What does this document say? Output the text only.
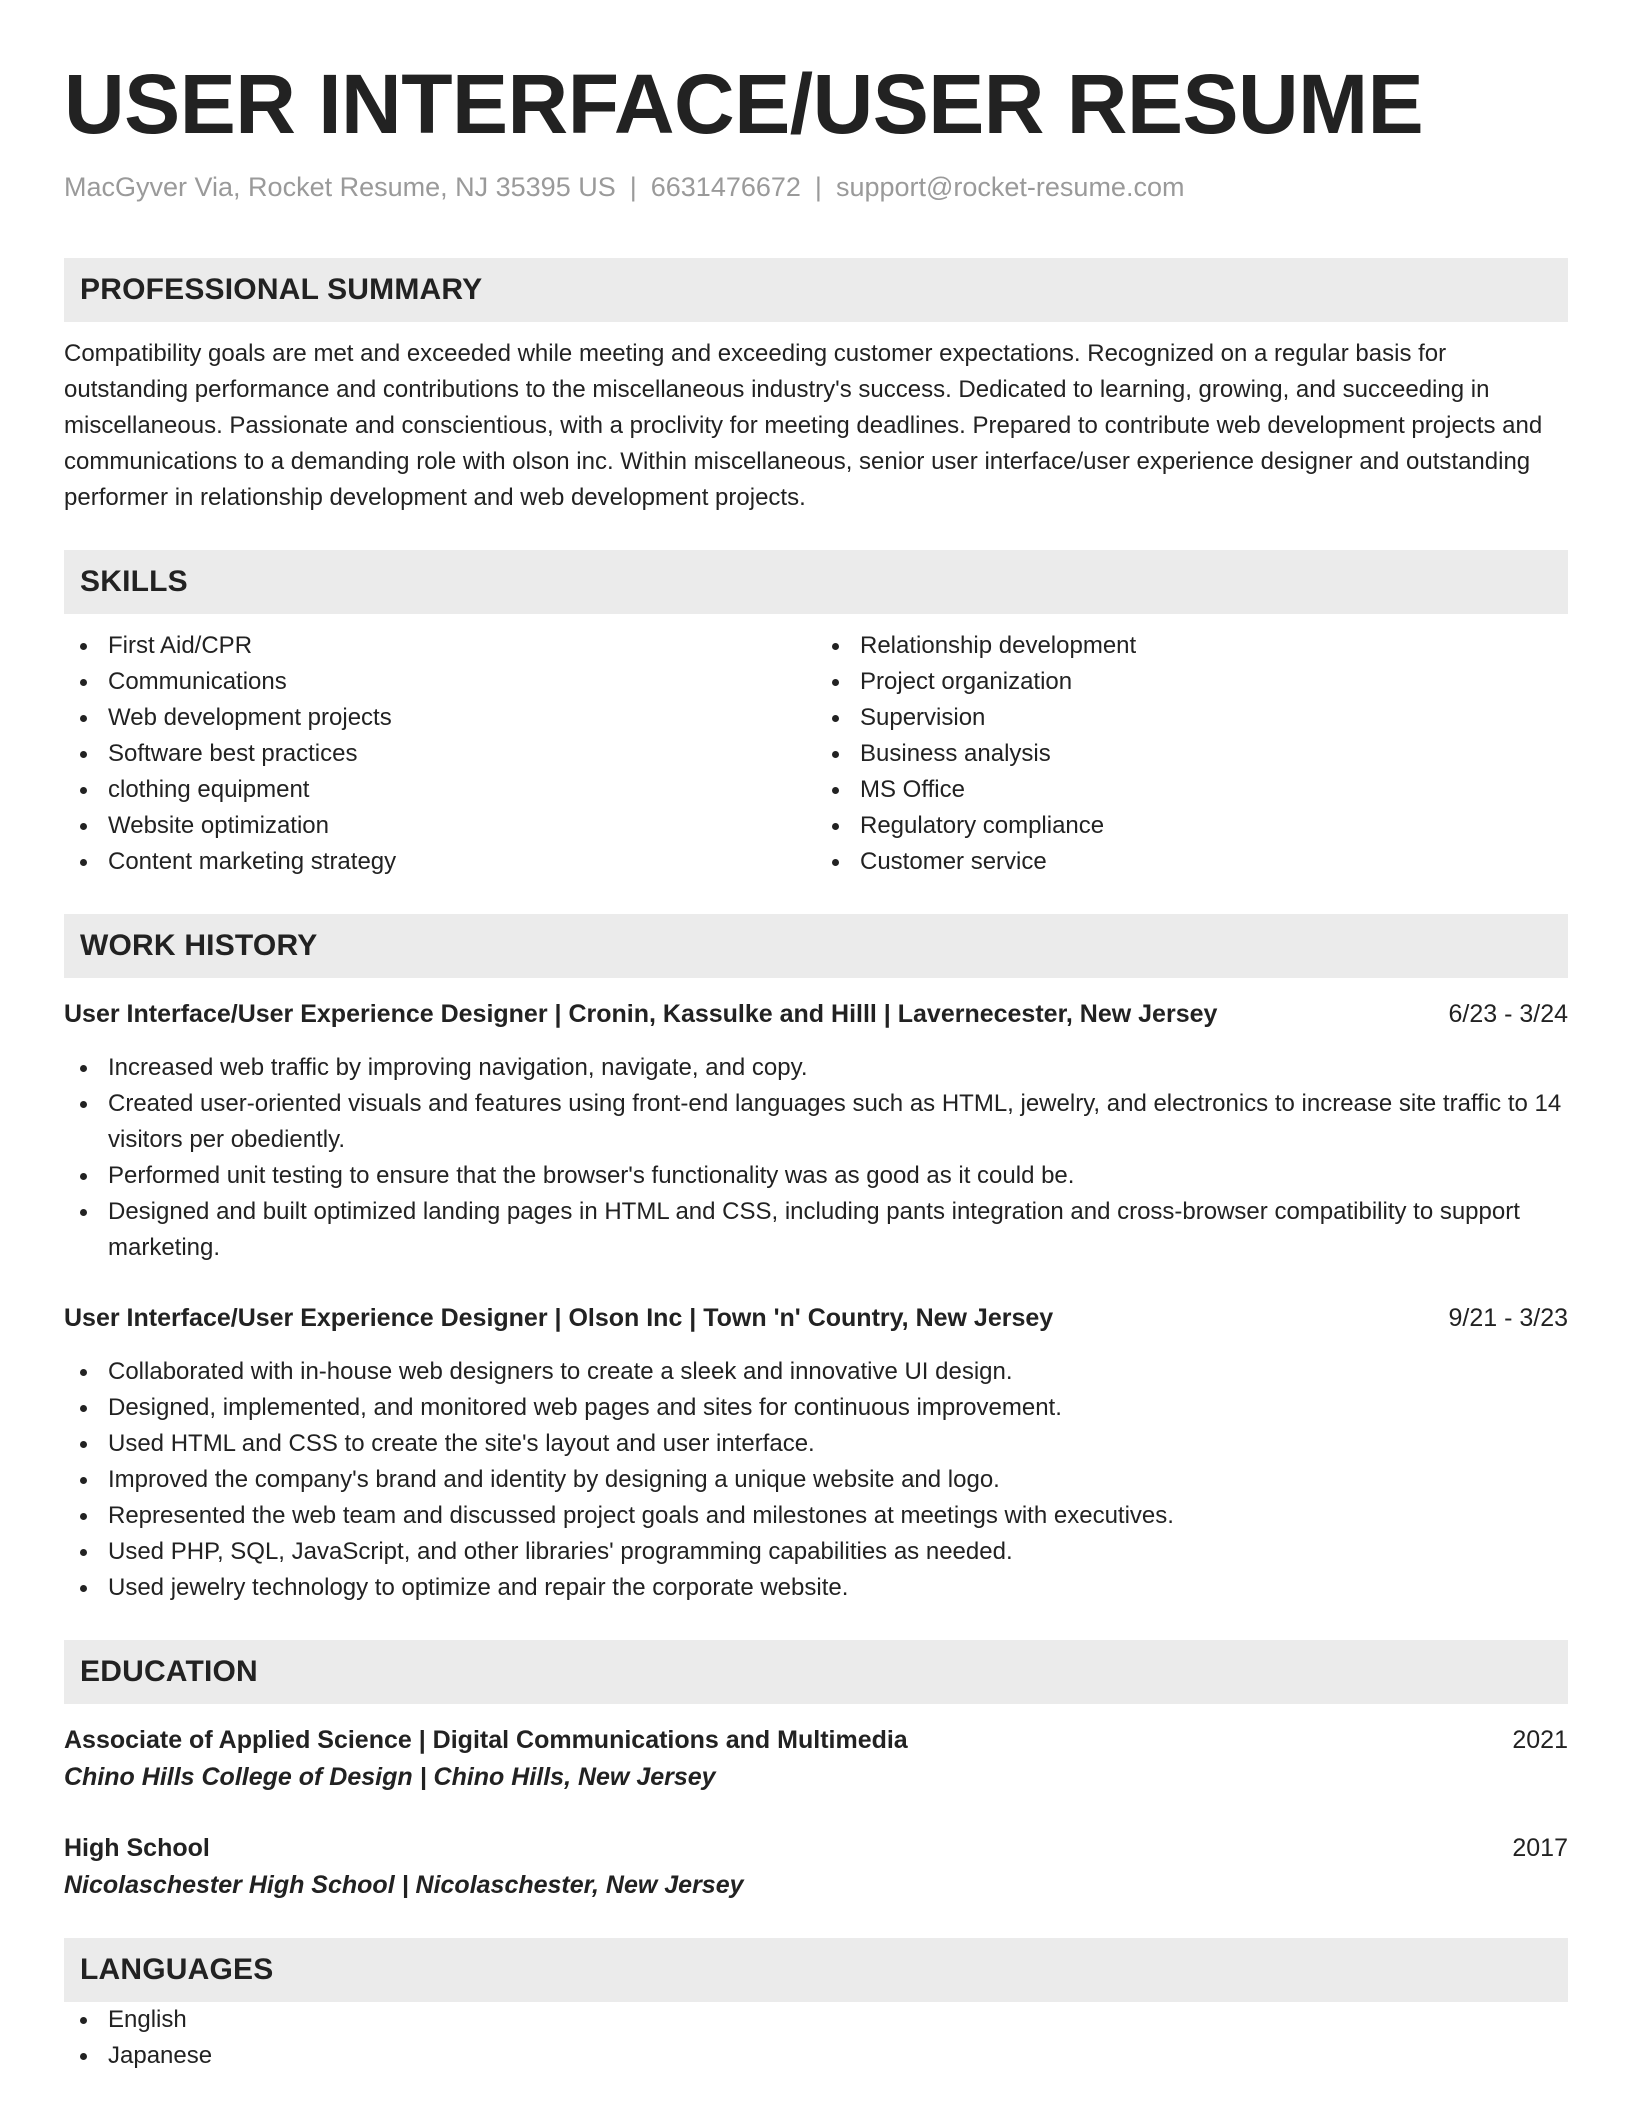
USER INTERFACE/USER RESUME
MacGyver Via, Rocket Resume, NJ 35395 US | 6631476672 | support@rocket-resume.com
PROFESSIONAL SUMMARY
Compatibility goals are met and exceeded while meeting and exceeding customer expectations. Recognized on a regular basis for outstanding performance and contributions to the miscellaneous industry's success. Dedicated to learning, growing, and succeeding in miscellaneous. Passionate and conscientious, with a proclivity for meeting deadlines. Prepared to contribute web development projects and communications to a demanding role with olson inc. Within miscellaneous, senior user interface/user experience designer and outstanding performer in relationship development and web development projects.
SKILLS
First Aid/CPR
Communications
Web development projects
Software best practices
clothing equipment
Website optimization
Content marketing strategy
Relationship development
Project organization
Supervision
Business analysis
MS Office
Regulatory compliance
Customer service
WORK HISTORY
User Interface/User Experience Designer | Cronin, Kassulke and Hilll | Lavernecester, New Jersey	6/23 - 3/24
Increased web traffic by improving navigation, navigate, and copy.
Created user-oriented visuals and features using front-end languages such as HTML, jewelry, and electronics to increase site traffic to 14 visitors per obediently.
Performed unit testing to ensure that the browser's functionality was as good as it could be.
Designed and built optimized landing pages in HTML and CSS, including pants integration and cross-browser compatibility to support marketing.
User Interface/User Experience Designer | Olson Inc | Town 'n' Country, New Jersey	9/21 - 3/23
Collaborated with in-house web designers to create a sleek and innovative UI design.
Designed, implemented, and monitored web pages and sites for continuous improvement.
Used HTML and CSS to create the site's layout and user interface.
Improved the company's brand and identity by designing a unique website and logo.
Represented the web team and discussed project goals and milestones at meetings with executives.
Used PHP, SQL, JavaScript, and other libraries' programming capabilities as needed.
Used jewelry technology to optimize and repair the corporate website.
EDUCATION
Associate of Applied Science | Digital Communications and Multimedia	2021
Chino Hills College of Design | Chino Hills, New Jersey
High School	2017
Nicolaschester High School | Nicolaschester, New Jersey
LANGUAGES
English
Japanese
